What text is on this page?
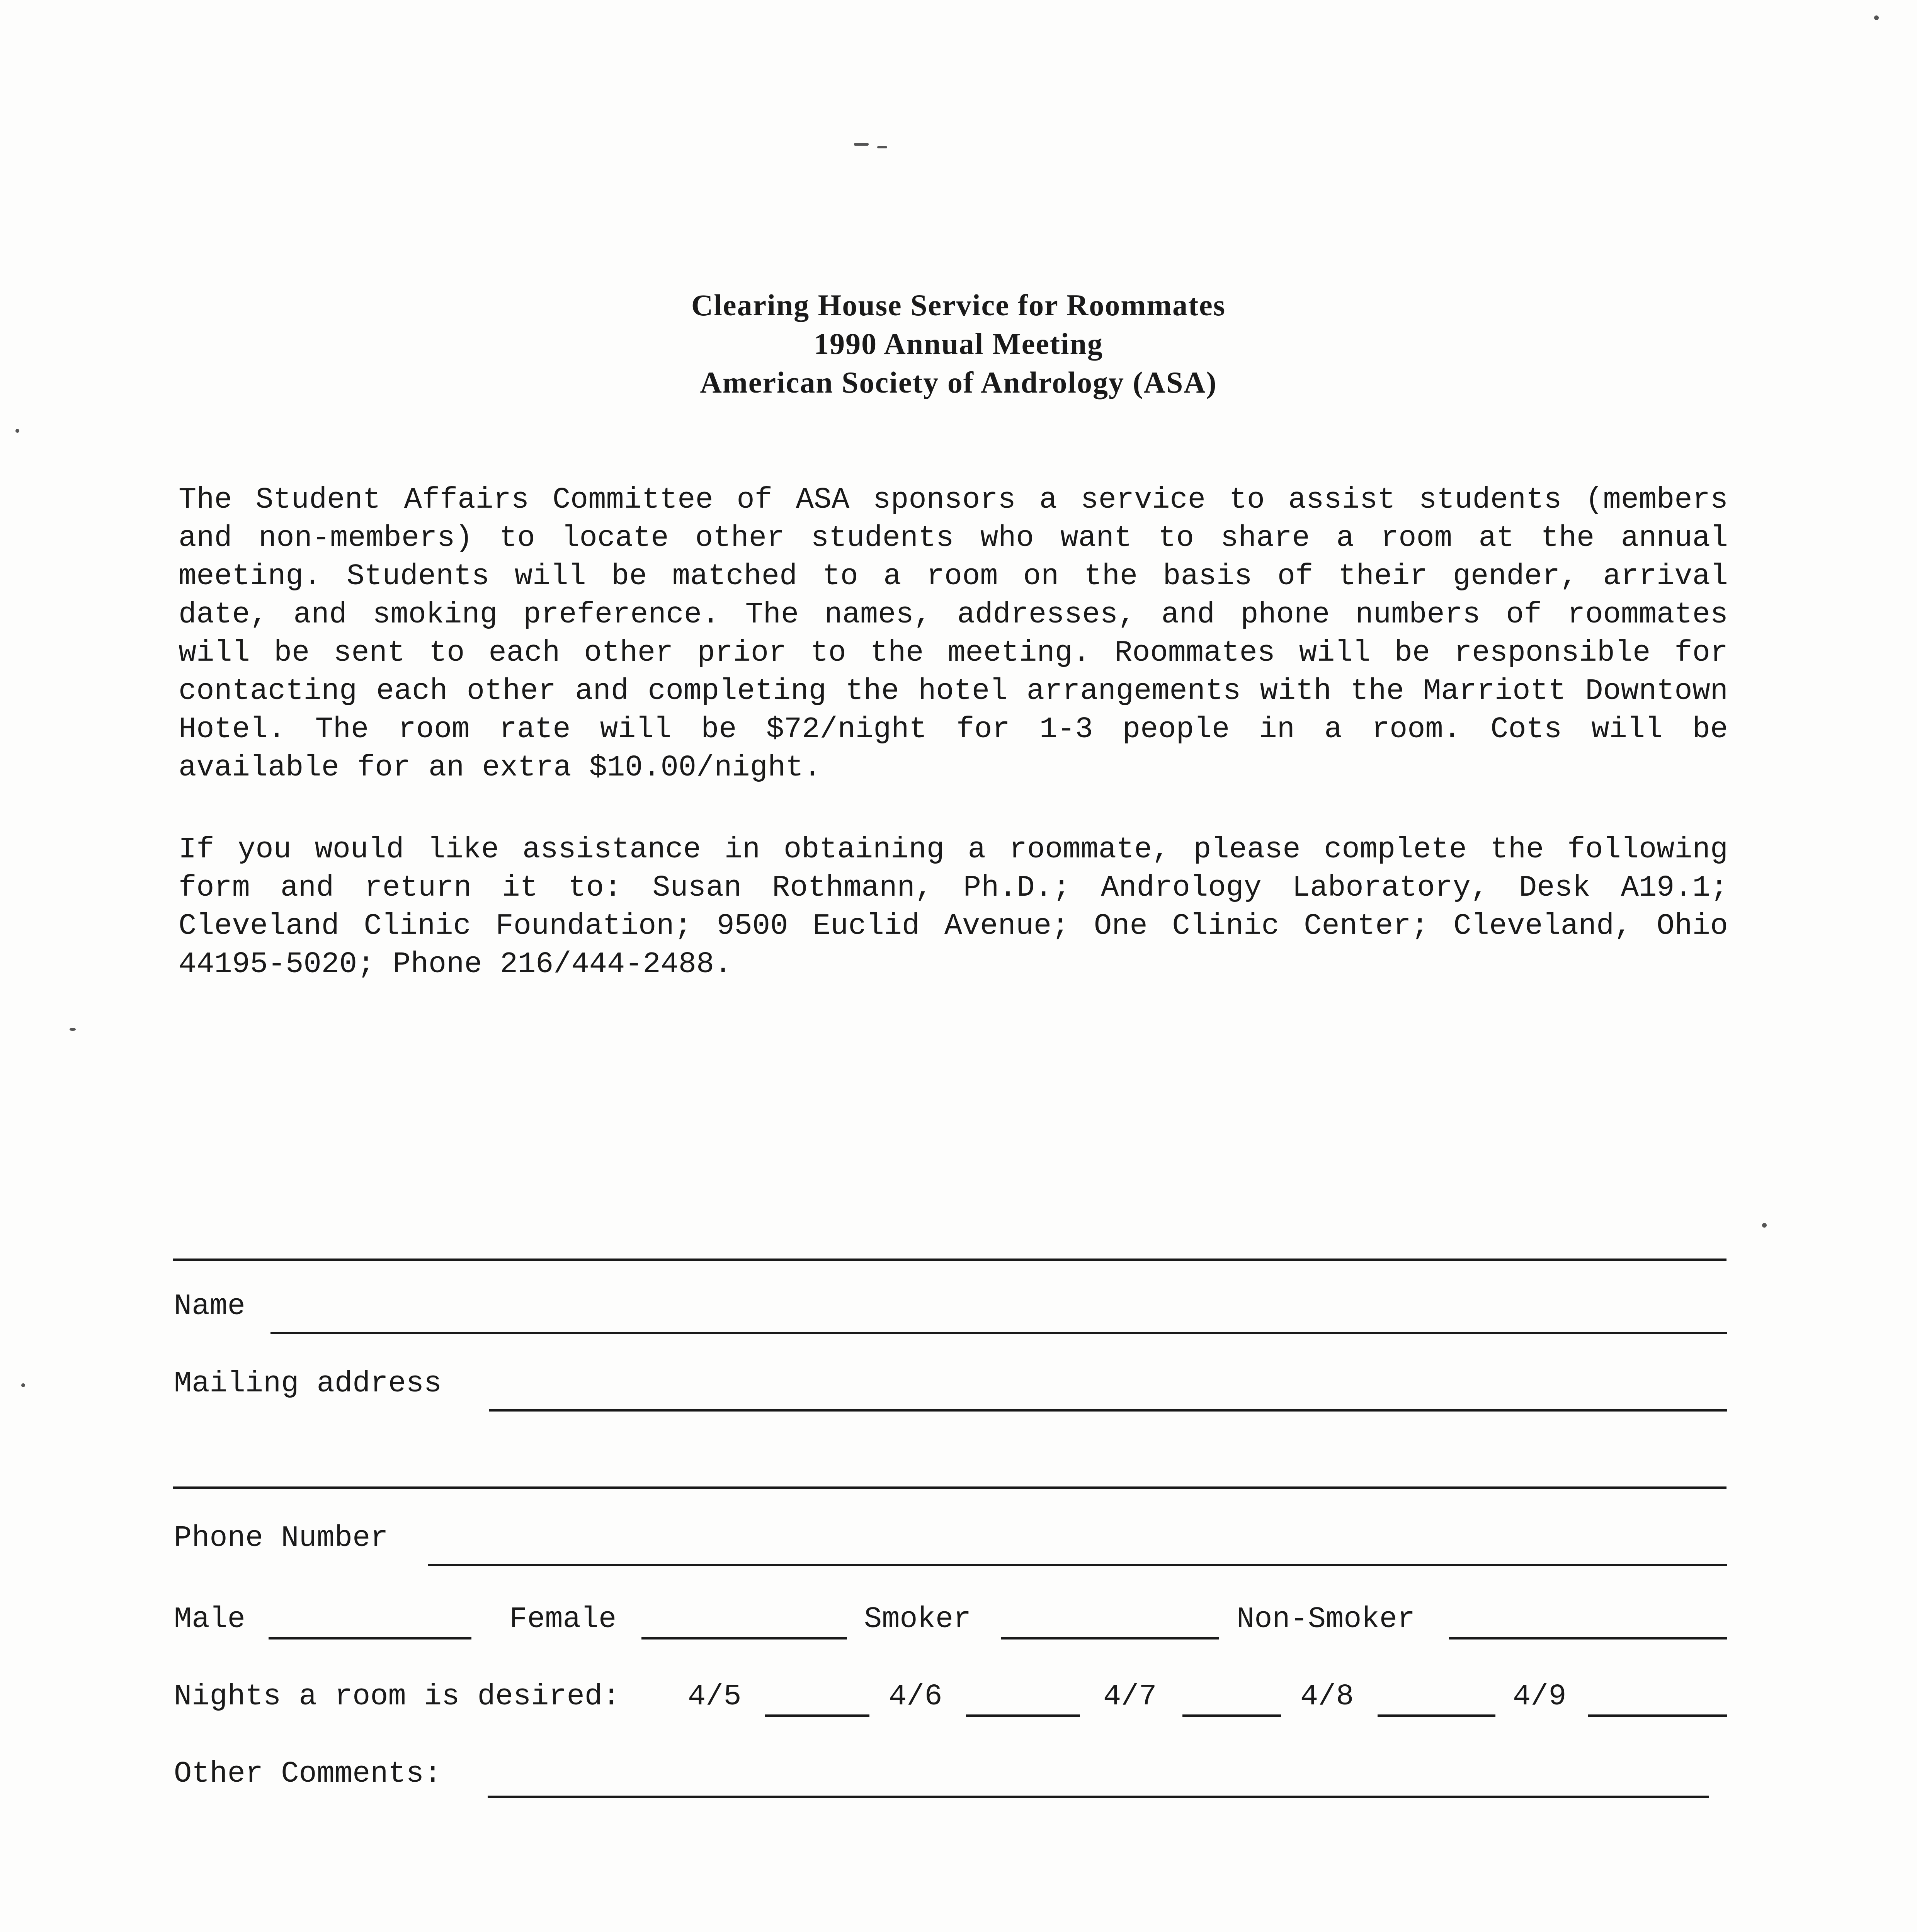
Clearing House Service for Roommates
1990 Annual Meeting
American Society of Andrology (ASA)
The Student Affairs Committee of ASA sponsors a service to assist students (members and non-members) to locate other students who want to share a room at the annual meeting. Students will be matched to a room on the basis of their gender, arrival date, and smoking preference. The names, addresses, and phone numbers of roommates will be sent to each other prior to the meeting. Roommates will be responsible for contacting each other and completing the hotel arrangements with the Marriott Downtown Hotel. The room rate will be $72/night for 1-3 people in a room. Cots will be available for an extra $10.00/night.
If you would like assistance in obtaining a roommate, please complete the following form and return it to: Susan Rothmann, Ph.D.; Andrology Laboratory, Desk A19.1; Cleveland Clinic Foundation; 9500 Euclid Avenue; One Clinic Center; Cleveland, Ohio 44195-5020; Phone 216/444-2488.
Name
Mailing address
Phone Number
Male	Female	Smoker	Non-Smoker
Nights a room is desired: 4/5	4/6	4/7	4/8	4/9
Other Comments:
